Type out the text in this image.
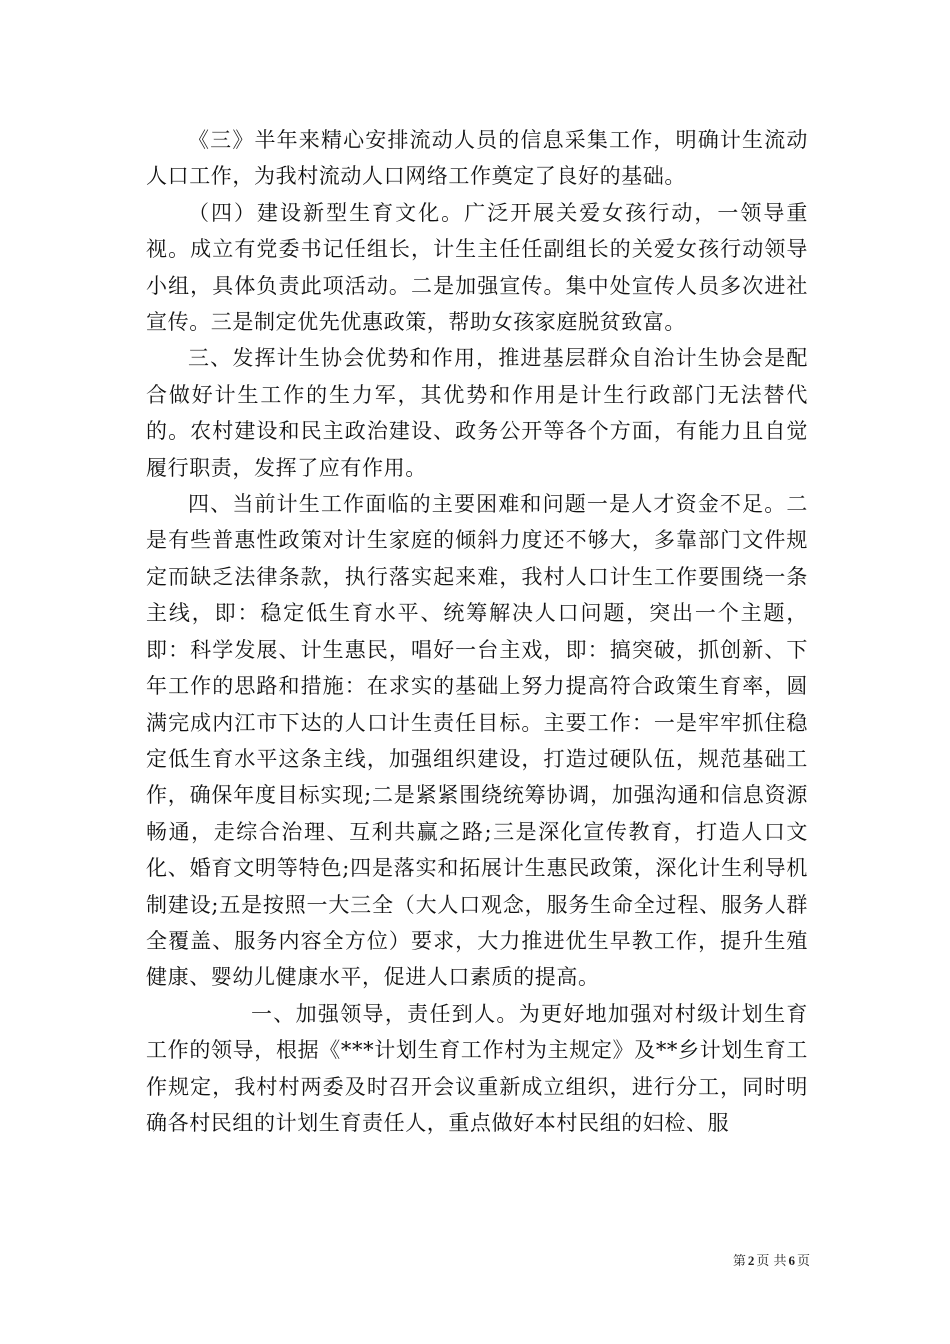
《三》半年来精心安排流动人员的信息采集工作，明确计生流动人口工作，为我村流动人口网络工作奠定了良好的基础。

（四）建设新型生育文化。广泛开展关爱女孩行动，一领导重视。成立有党委书记任组长，计生主任任副组长的关爱女孩行动领导小组，具体负责此项活动。二是加强宣传。集中处宣传人员多次进社宣传。三是制定优先优惠政策，帮助女孩家庭脱贫致富。

三、发挥计生协会优势和作用，推进基层群众自治计生协会是配合做好计生工作的生力军，其优势和作用是计生行政部门无法替代的。农村建设和民主政治建设、政务公开等各个方面，有能力且自觉履行职责，发挥了应有作用。

四、当前计生工作面临的主要困难和问题一是人才资金不足。二是有些普惠性政策对计生家庭的倾斜力度还不够大，多靠部门文件规定而缺乏法律条款，执行落实起来难，我村人口计生工作要围绕一条主线，即：稳定低生育水平、统筹解决人口问题，突出一个主题，即：科学发展、计生惠民，唱好一台主戏，即：搞突破，抓创新、下年工作的思路和措施：在求实的基础上努力提高符合政策生育率，圆满完成内江市下达的人口计生责任目标。主要工作：一是牢牢抓住稳定低生育水平这条主线，加强组织建设，打造过硬队伍，规范基础工作，确保年度目标实现;二是紧紧围绕统筹协调，加强沟通和信息资源畅通，走综合治理、互利共赢之路;三是深化宣传教育，打造人口文化、婚育文明等特色;四是落实和拓展计生惠民政策，深化计生利导机制建设;五是按照一大三全（大人口观念，服务生命全过程、服务人群全覆盖、服务内容全方位）要求，大力推进优生早教工作，提升生殖健康、婴幼儿健康水平，促进人口素质的提高。

一、加强领导，责任到人。为更好地加强对村级计划生育工作的领导，根据《***计划生育工作村为主规定》及**乡计划生育工作规定，我村村两委及时召开会议重新成立组织，进行分工，同时明确各村民组的计划生育责任人，重点做好本村民组的妇检、服

第 2 页 共 6 页
